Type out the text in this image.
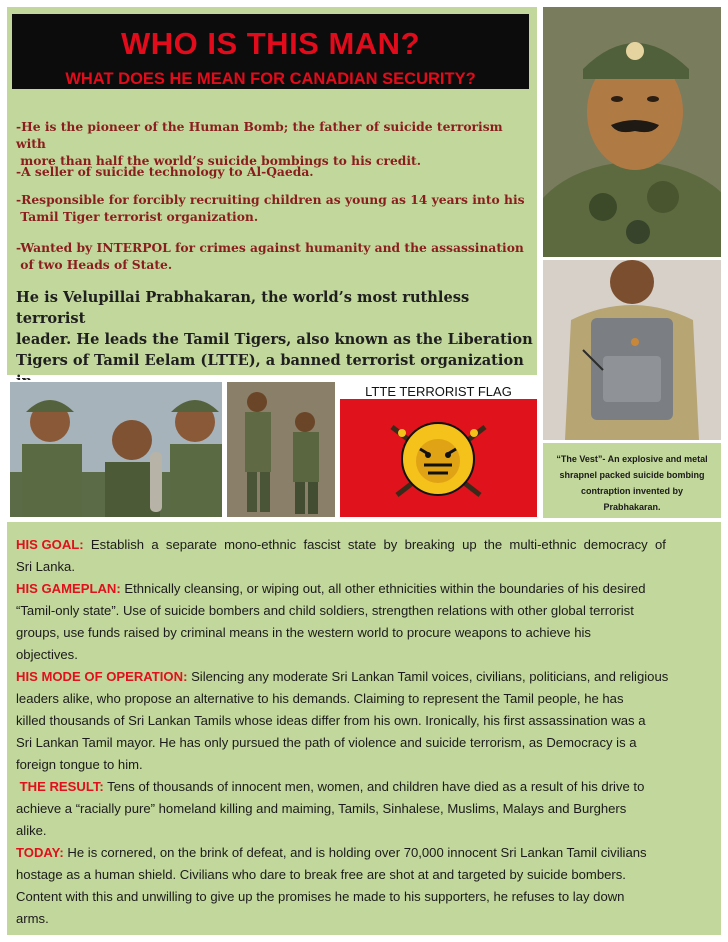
WHO IS THIS MAN?
WHAT DOES HE MEAN FOR CANADIAN SECURITY?
-He is the pioneer of the Human Bomb; the father of suicide terrorism with
more than half the world’s suicide bombings to his credit.
-A seller of suicide technology to Al-Qaeda.
-Responsible for forcibly recruiting children as young as 14 years into his
Tamil Tiger terrorist organization.
-Wanted by INTERPOL for crimes against humanity and the assassination
of two Heads of State.
He is Velupillai Prabhakaran, the world’s most ruthless terrorist
leader. He leads the Tamil Tigers, also known as the Liberation
Tigers of Tamil Eelam (LTTE), a banned terrorist organization
“The Vest”- An explosive and metal
shrapnel packed suicide bombing
contraption invented by
Prabhakaran.
LTTE TERRORIST FLAG
HIS GOAL:  Establish  a  separate  mono-ethnic  fascist  state  by  breaking  up  the  multi-ethnic  democracy  of
Sri Lanka.
HIS GAMEPLAN: Ethnically cleansing, or wiping out, all other ethnicities within the boundaries of his desired
“Tamil-only state”. Use of suicide bombers and child soldiers, strengthen relations with other global terrorist
groups, use funds raised by criminal means in the western world to procure weapons to achieve his
objectives.
HIS MODE OF OPERATION: Silencing any moderate Sri Lankan Tamil voices, civilians, politicians, and religious
leaders alike, who propose an alternative to his demands. Claiming to represent the Tamil people, he has
killed thousands of Sri Lankan Tamils whose ideas differ from his own. Ironically, his first assassination was a
Sri Lankan Tamil mayor. He has only pursued the path of violence and suicide terrorism, as Democracy is a
foreign tongue to him.
THE RESULT: Tens of thousands of innocent men, women, and children have died as a result of his drive to
achieve a “racially pure” homeland killing and maiming, Tamils, Sinhalese, Muslims, Malays and Burghers
alike.
TODAY: He is cornered, on the brink of defeat, and is holding over 70,000 innocent Sri Lankan Tamil civilians
hostage as a human shield. Civilians who dare to break free are shot at and targeted by suicide bombers.
Content with this and unwilling to give up the promises he made to his supporters, he refuses to lay down
arms.
